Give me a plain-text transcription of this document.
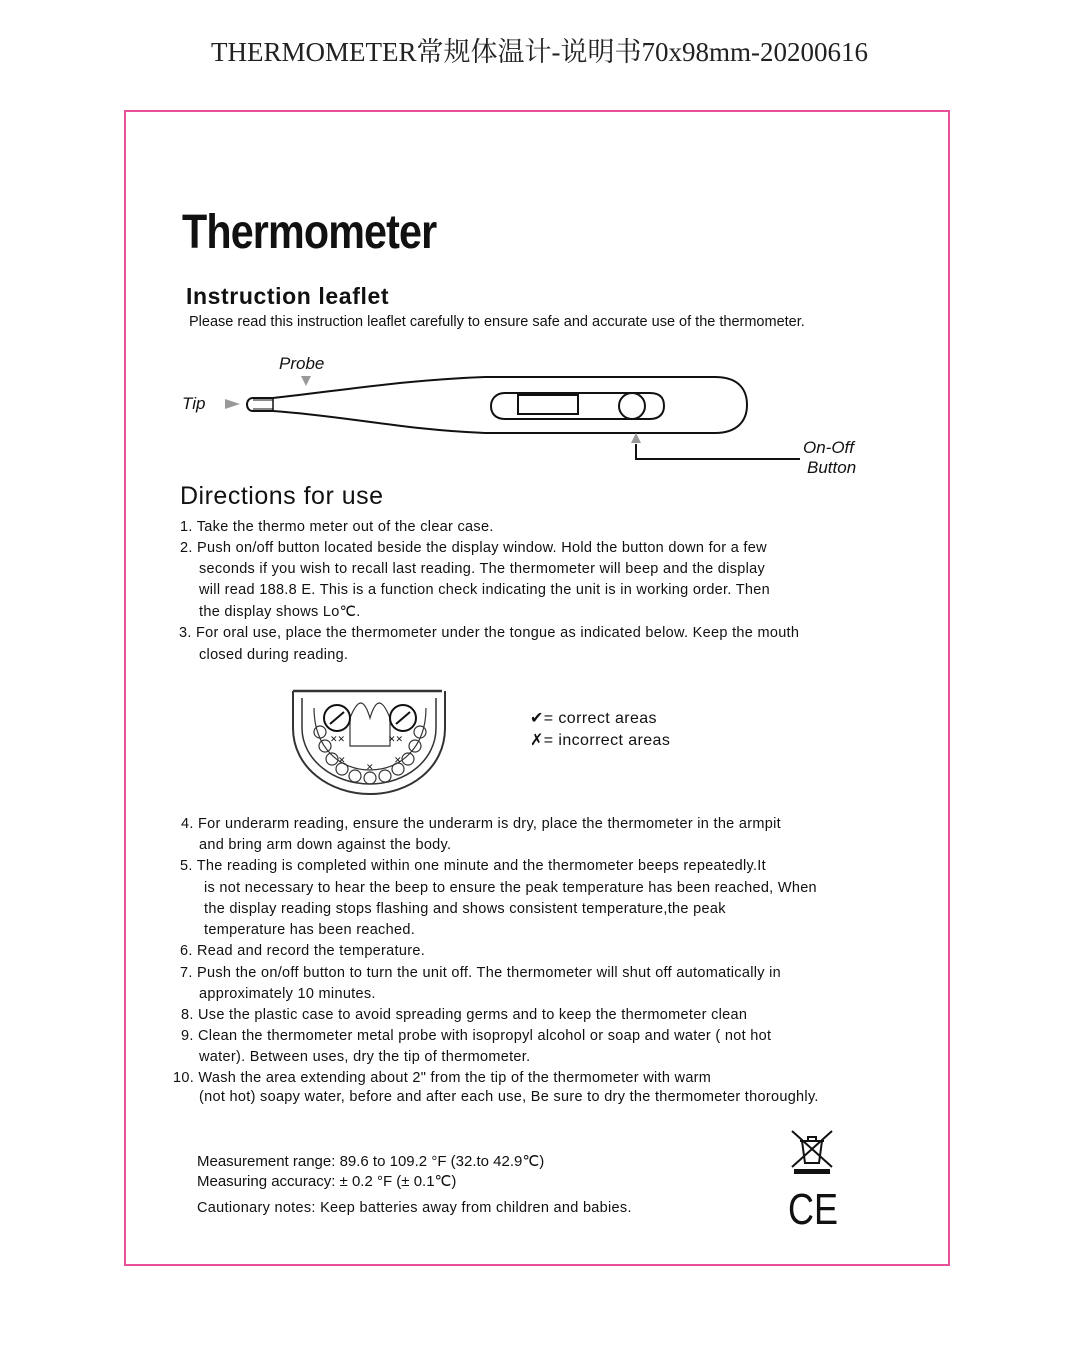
THERMOMETER常规体温计-说明书70x98mm-20200616
Thermometer
Instruction leaflet
Please read this instruction leaflet carefully to ensure safe and accurate use of the thermometer.
Probe
Tip
On-Off
Button
Directions for use
1. Take the thermo meter out of the clear case.
2. Push on/off button located beside the display window. Hold the button down for a few
seconds if you wish to recall last reading. The thermometer will beep and the display
will read 188.8 E. This is a function check indicating the unit is in working order. Then
the display shows Lo℃.
3. For oral use, place the thermometer under the tongue as indicated below. Keep the mouth
closed during reading.
✕✕	✕✕
✕	✕
✕
✔= correct areas
✗= incorrect areas
4. For underarm reading, ensure the underarm is dry, place the thermometer in the armpit
and bring arm down against the body.
5. The reading is completed within one minute and the thermometer beeps repeatedly.It
is not necessary to hear the beep to ensure the peak temperature has been reached, When
the display reading stops flashing and shows consistent temperature,the peak
temperature has been reached.
6. Read and record the temperature.
7. Push the on/off button to turn the unit off. The thermometer will shut off automatically in
approximately 10 minutes.
8. Use the plastic case to avoid spreading germs and to keep the thermometer clean
9. Clean the thermometer metal probe with isopropyl alcohol or soap and water ( not hot
water). Between uses, dry the tip of thermometer.
10. Wash the area extending about 2" from the tip of the thermometer with warm
(not hot) soapy water, before and after each use, Be sure to dry the thermometer thoroughly.
Measurement range: 89.6 to 109.2 °F (32.to 42.9℃)
Measuring accuracy: ± 0.2 °F (± 0.1℃)
Cautionary notes: Keep batteries away from children and babies.	CE
